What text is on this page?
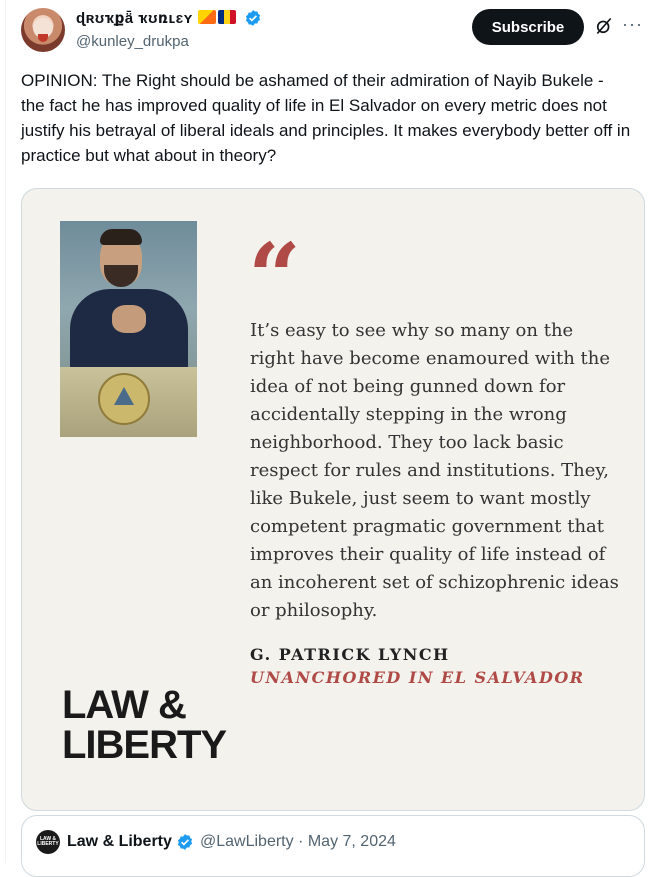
ɖʀʊҡքǟ ҡʊռʟɛʏ
@kunley_drukpa
Subscribe	···
OPINION: The Right should be ashamed of their admiration of Nayib Bukele - the fact he has improved quality of life in El Salvador on every metric does not justify his betrayal of liberal ideals and principles. It makes everybody better off in practice but what about in theory?
“
It’s easy to see why so many on the right have become enamoured with the idea of not being gunned down for accidentally stepping in the wrong neighborhood. They too lack basic respect for rules and institutions. They, like Bukele, just seem to want mostly competent pragmatic government that improves their quality of life instead of an incoherent set of schizophrenic ideas or philosophy.
G. PATRICK LYNCH
UNANCHORED IN EL SALVADOR
LAW &
LIBERTY
LAW & LIBERTY Law & Liberty @LawLiberty · May 7, 2024
